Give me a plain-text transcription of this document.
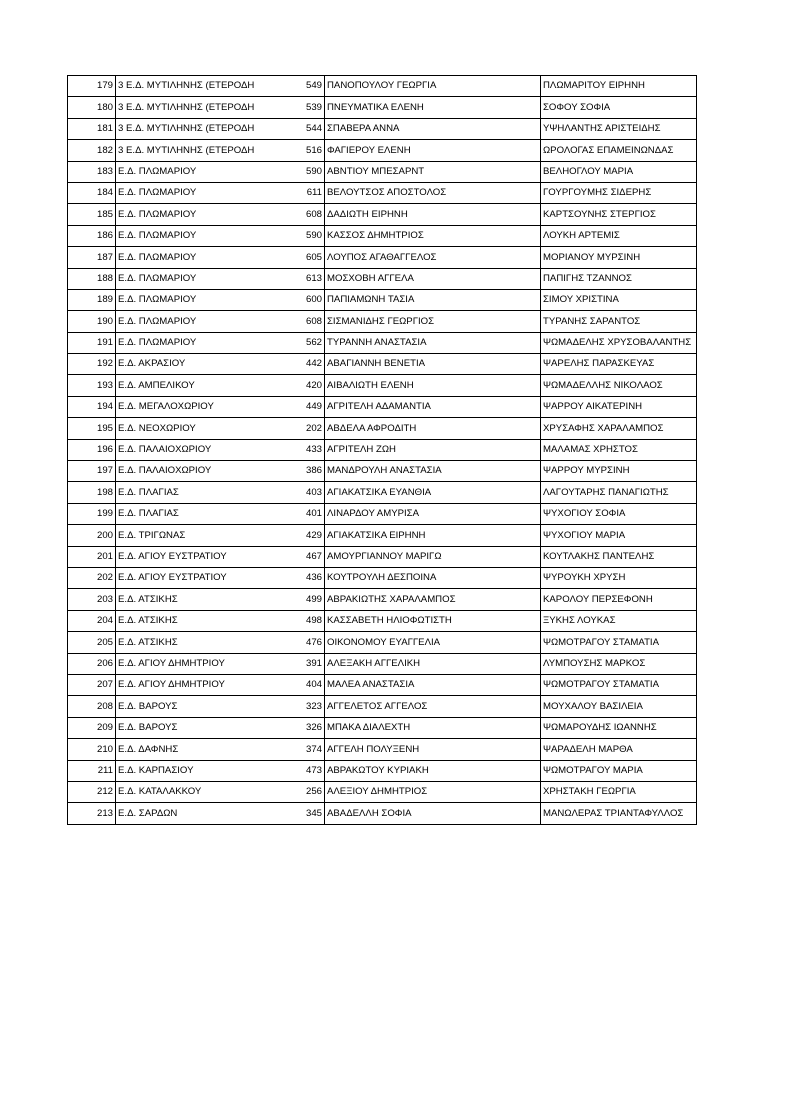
179	3 Ε.Δ. ΜΥΤΙΛΗΝΗΣ (ΕΤΕΡΟΔΗ	549	ΠΑΝΟΠΟΥΛΟΥ ΓΕΩΡΓΙΑ	ΠΛΩΜΑΡΙΤΟΥ ΕΙΡΗΝΗ
180	3 Ε.Δ. ΜΥΤΙΛΗΝΗΣ (ΕΤΕΡΟΔΗ	539	ΠΝΕΥΜΑΤΙΚΑ ΕΛΕΝΗ	ΣΟΦΟΥ ΣΟΦΙΑ
181	3 Ε.Δ. ΜΥΤΙΛΗΝΗΣ (ΕΤΕΡΟΔΗ	544	ΣΠΑΒΕΡΑ ΑΝΝΑ	ΥΨΗΛΑΝΤΗΣ ΑΡΙΣΤΕΙΔΗΣ
182	3 Ε.Δ. ΜΥΤΙΛΗΝΗΣ (ΕΤΕΡΟΔΗ	516	ΦΑΓΙΕΡΟΥ ΕΛΕΝΗ	ΩΡΟΛΟΓΑΣ ΕΠΑΜΕΙΝΩΝΔΑΣ
183	Ε.Δ. ΠΛΩΜΑΡΙΟΥ	590	ΑΒΝΤΙΟΥ ΜΠΕΣΑΡΝΤ	ΒΕΛΗΟΓΛΟΥ ΜΑΡΙΑ
184	Ε.Δ. ΠΛΩΜΑΡΙΟΥ	611	ΒΕΛΟΥΤΣΟΣ ΑΠΟΣΤΟΛΟΣ	ΓΟΥΡΓΟΥΜΗΣ ΣΙΔΕΡΗΣ
185	Ε.Δ. ΠΛΩΜΑΡΙΟΥ	608	ΔΑΔΙΩΤΗ ΕΙΡΗΝΗ	ΚΑΡΤΣΟΥΝΗΣ ΣΤΕΡΓΙΟΣ
186	Ε.Δ. ΠΛΩΜΑΡΙΟΥ	590	ΚΑΣΣΟΣ ΔΗΜΗΤΡΙΟΣ	ΛΟΥΚΗ ΑΡΤΕΜΙΣ
187	Ε.Δ. ΠΛΩΜΑΡΙΟΥ	605	ΛΟΥΠΟΣ ΑΓΑΘΑΓΓΕΛΟΣ	ΜΟΡΙΑΝΟΥ ΜΥΡΣΙΝΗ
188	Ε.Δ. ΠΛΩΜΑΡΙΟΥ	613	ΜΟΣΧΟΒΗ ΑΓΓΕΛΑ	ΠΑΠΙΓΗΣ ΤΖΑΝΝΟΣ
189	Ε.Δ. ΠΛΩΜΑΡΙΟΥ	600	ΠΑΠΙΑΜΩΝΗ ΤΑΣΙΑ	ΣΙΜΟΥ ΧΡΙΣΤΙΝΑ
190	Ε.Δ. ΠΛΩΜΑΡΙΟΥ	608	ΣΙΣΜΑΝΙΔΗΣ ΓΕΩΡΓΙΟΣ	ΤΥΡΑΝΗΣ ΣΑΡΑΝΤΟΣ
191	Ε.Δ. ΠΛΩΜΑΡΙΟΥ	562	ΤΥΡΑΝΝΗ ΑΝΑΣΤΑΣΙΑ	ΨΩΜΑΔΕΛΗΣ ΧΡΥΣΟΒΑΛΑΝΤΗΣ
192	Ε.Δ. ΑΚΡΑΣΙΟΥ	442	ΑΒΑΓΙΑΝΝΗ ΒΕΝΕΤΙΑ	ΨΑΡΕΛΗΣ ΠΑΡΑΣΚΕΥΑΣ
193	Ε.Δ. ΑΜΠΕΛΙΚΟΥ	420	ΑΙΒΑΛΙΩΤΗ ΕΛΕΝΗ	ΨΩΜΑΔΕΛΛΗΣ ΝΙΚΟΛΑΟΣ
194	Ε.Δ. ΜΕΓΑΛΟΧΩΡΙΟΥ	449	ΑΓΡΙΤΕΛΗ ΑΔΑΜΑΝΤΙΑ	ΨΑΡΡΟΥ ΑΙΚΑΤΕΡΙΝΗ
195	Ε.Δ. ΝΕΟΧΩΡΙΟΥ	202	ΑΒΔΕΛΑ ΑΦΡΟΔΙΤΗ	ΧΡΥΣΑΦΗΣ ΧΑΡΑΛΑΜΠΟΣ
196	Ε.Δ. ΠΑΛΑΙΟΧΩΡΙΟΥ	433	ΑΓΡΙΤΕΛΗ ΖΩΗ	ΜΑΛΑΜΑΣ ΧΡΗΣΤΟΣ
197	Ε.Δ. ΠΑΛΑΙΟΧΩΡΙΟΥ	386	ΜΑΝΔΡΟΥΛΗ ΑΝΑΣΤΑΣΙΑ	ΨΑΡΡΟΥ ΜΥΡΣΙΝΗ
198	Ε.Δ. ΠΛΑΓΙΑΣ	403	ΑΓΙΑΚΑΤΣΙΚΑ ΕΥΑΝΘΙΑ	ΛΑΓΟΥΤΑΡΗΣ ΠΑΝΑΓΙΩΤΗΣ
199	Ε.Δ. ΠΛΑΓΙΑΣ	401	ΛΙΝΑΡΔΟΥ ΑΜΥΡΙΣΑ	ΨΥΧΟΓΙΟΥ ΣΟΦΙΑ
200	Ε.Δ. ΤΡΙΓΩΝΑΣ	429	ΑΓΙΑΚΑΤΣΙΚΑ ΕΙΡΗΝΗ	ΨΥΧΟΓΙΟΥ ΜΑΡΙΑ
201	Ε.Δ. ΑΓΙΟΥ ΕΥΣΤΡΑΤΙΟΥ	467	ΑΜΟΥΡΓΙΑΝΝΟΥ ΜΑΡΙΓΩ	ΚΟΥΤΛΑΚΗΣ ΠΑΝΤΕΛΗΣ
202	Ε.Δ. ΑΓΙΟΥ ΕΥΣΤΡΑΤΙΟΥ	436	ΚΟΥΤΡΟΥΛΗ ΔΕΣΠΟΙΝΑ	ΨΥΡΟΥΚΗ ΧΡΥΣΗ
203	Ε.Δ. ΑΤΣΙΚΗΣ	499	ΑΒΡΑΚΙΩΤΗΣ ΧΑΡΑΛΑΜΠΟΣ	ΚΑΡΟΛΟΥ ΠΕΡΣΕΦΟΝΗ
204	Ε.Δ. ΑΤΣΙΚΗΣ	498	ΚΑΣΣΑΒΕΤΗ ΗΛΙΟΦΩΤΙΣΤΗ	ΞΥΚΗΣ ΛΟΥΚΑΣ
205	Ε.Δ. ΑΤΣΙΚΗΣ	476	ΟΙΚΟΝΟΜΟΥ ΕΥΑΓΓΕΛΙΑ	ΨΩΜΟΤΡΑΓΟΥ ΣΤΑΜΑΤΙΑ
206	Ε.Δ. ΑΓΙΟΥ ΔΗΜΗΤΡΙΟΥ	391	ΑΛΕΞΑΚΗ ΑΓΓΕΛΙΚΗ	ΛΥΜΠΟΥΣΗΣ ΜΑΡΚΟΣ
207	Ε.Δ. ΑΓΙΟΥ ΔΗΜΗΤΡΙΟΥ	404	ΜΑΛΕΑ ΑΝΑΣΤΑΣΙΑ	ΨΩΜΟΤΡΑΓΟΥ ΣΤΑΜΑΤΙΑ
208	Ε.Δ. ΒΑΡΟΥΣ	323	ΑΓΓΕΛΕΤΟΣ ΑΓΓΕΛΟΣ	ΜΟΥΧΑΛΟΥ ΒΑΣΙΛΕΙΑ
209	Ε.Δ. ΒΑΡΟΥΣ	326	ΜΠΑΚΑ ΔΙΑΛΕΧΤΗ	ΨΩΜΑΡΟΥΔΗΣ ΙΩΑΝΝΗΣ
210	Ε.Δ. ΔΑΦΝΗΣ	374	ΑΓΓΕΛΗ ΠΟΛΥΞΕΝΗ	ΨΑΡΑΔΕΛΗ ΜΑΡΘΑ
211	Ε.Δ. ΚΑΡΠΑΣΙΟΥ	473	ΑΒΡΑΚΩΤΟΥ ΚΥΡΙΑΚΗ	ΨΩΜΟΤΡΑΓΟΥ ΜΑΡΙΑ
212	Ε.Δ. ΚΑΤΑΛΑΚΚΟΥ	256	ΑΛΕΞΙΟΥ ΔΗΜΗΤΡΙΟΣ	ΧΡΗΣΤΑΚΗ ΓΕΩΡΓΙΑ
213	Ε.Δ. ΣΑΡΔΩΝ	345	ΑΒΑΔΕΛΛΗ ΣΟΦΙΑ	ΜΑΝΩΛΕΡΑΣ ΤΡΙΑΝΤΑΦΥΛΛΟΣ
